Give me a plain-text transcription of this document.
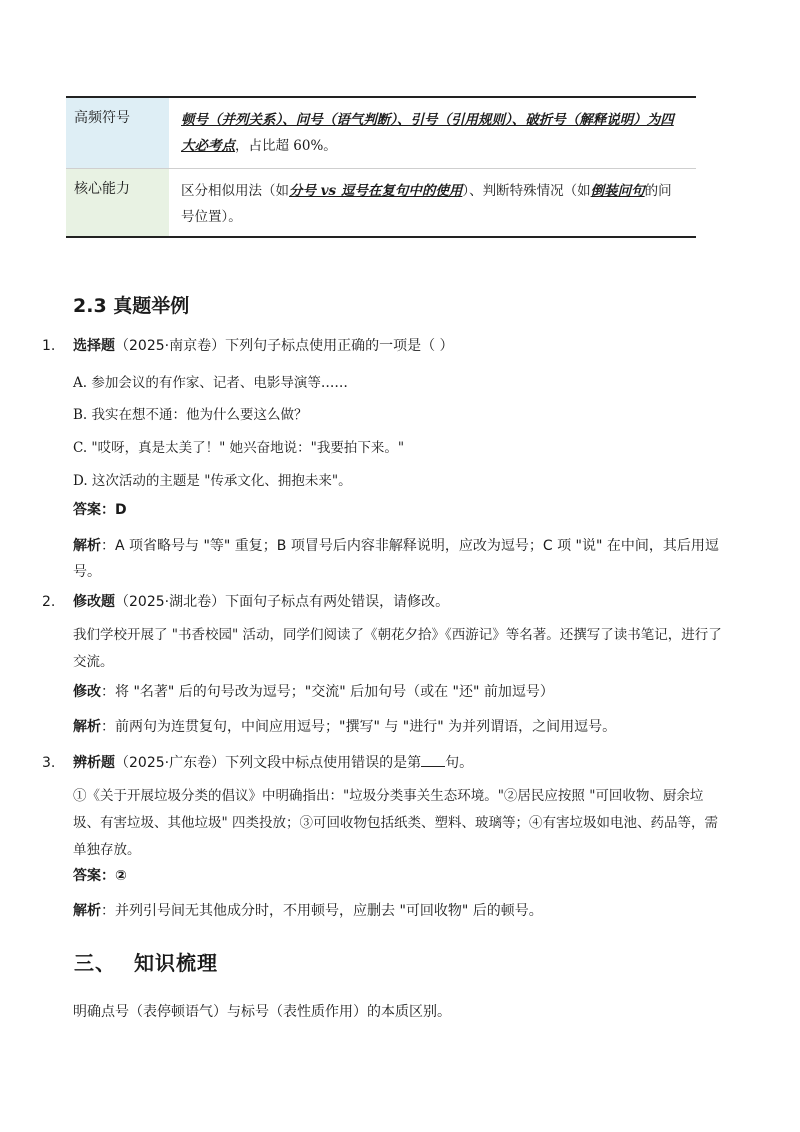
高频符号	顿号（并列关系）、问号（语气判断）、引号（引用规则）、破折号（解释说明）为四大必考点，占比超 60%。
核心能力	区分相似用法（如分号 vs 逗号在复句中的使用）、判断特殊情况（如倒装问句的问号位置）。
2.3 真题举例
1. 选择题（2025·南京卷）下列句子标点使用正确的一项是（ ）
A. 参加会议的有作家、记者、电影导演等……
B. 我实在想不通：他为什么要这么做？
C. "哎呀，真是太美了！" 她兴奋地说："我要拍下来。"
D. 这次活动的主题是 "传承文化、拥抱未来"。
答案：D
解析：A 项省略号与 "等" 重复；B 项冒号后内容非解释说明，应改为逗号；C 项 "说" 在中间，其后用逗号。
2. 修改题（2025·湖北卷）下面句子标点有两处错误，请修改。
我们学校开展了 "书香校园" 活动，同学们阅读了《朝花夕拾》《西游记》等名著。还撰写了读书笔记，进行了交流。
修改：将 "名著" 后的句号改为逗号；"交流" 后加句号（或在 "还" 前加逗号）
解析：前两句为连贯复句，中间应用逗号；"撰写" 与 "进行" 为并列谓语，之间用逗号。
3. 辨析题（2025·广东卷）下列文段中标点使用错误的是第 句。
①《关于开展垃圾分类的倡议》中明确指出："垃圾分类事关生态环境。"②居民应按照 "可回收物、厨余垃圾、有害垃圾、其他垃圾" 四类投放；③可回收物包括纸类、塑料、玻璃等；④有害垃圾如电池、药品等，需单独存放。
答案：②
解析：并列引号间无其他成分时，不用顿号，应删去 "可回收物" 后的顿号。
三、 知识梳理
明确点号（表停顿语气）与标号（表性质作用）的本质区别。
